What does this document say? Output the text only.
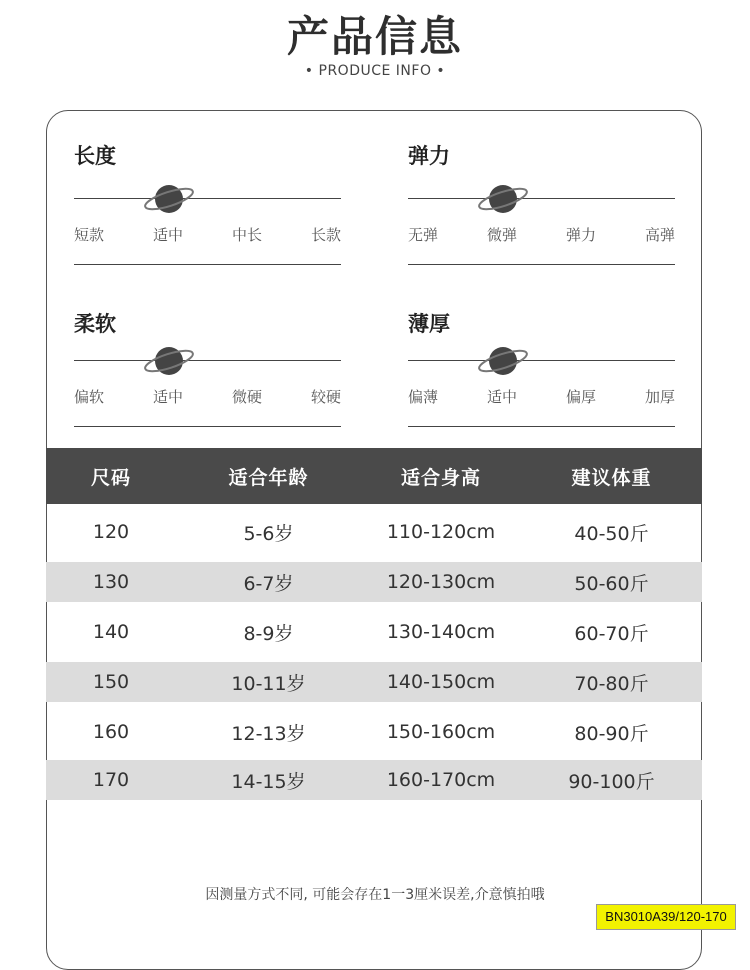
产品信息
• PRODUCE INFO •
长度
短款	适中	中长	长款
弹力
无弹	微弹	弹力	高弹
柔软
偏软	适中	微硬	较硬
薄厚
偏薄	适中	偏厚	加厚
尺码	适合年龄	适合身高	建议体重
120	5-6岁	110-120cm	40-50斤
130	6-7岁	120-130cm	50-60斤
140	8-9岁	130-140cm	60-70斤
150	10-11岁	140-150cm	70-80斤
160	12-13岁	150-160cm	80-90斤
170	14-15岁	160-170cm	90-100斤
因测量方式不同, 可能会存在1一3厘米误差,介意慎拍哦
BN3010A39/120-170
